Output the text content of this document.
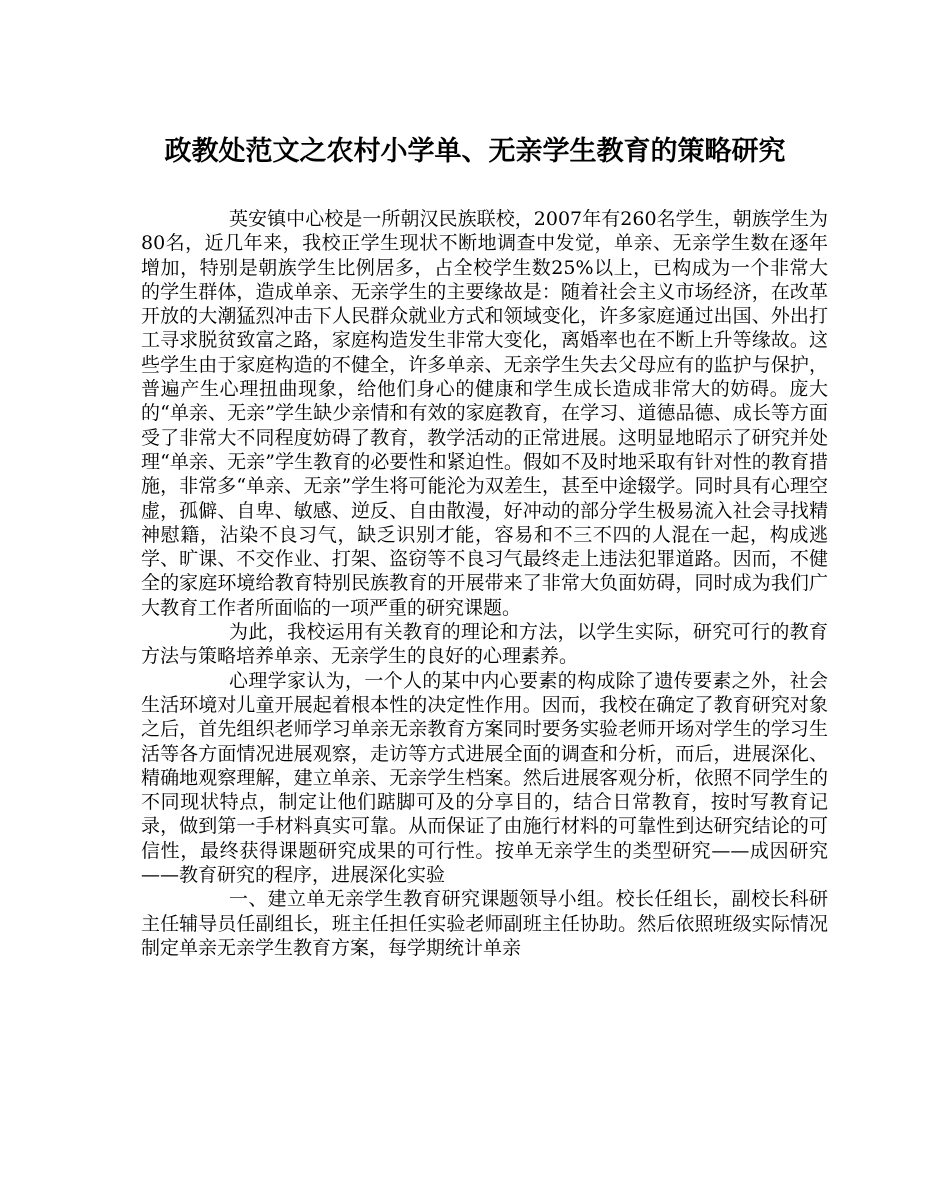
政教处范文之农村小学单、无亲学生教育的策略研究

英安镇中心校是一所朝汉民族联校，2007年有260名学生，朝族学生为80名，近几年来，我校正学生现状不断地调查中发觉，单亲、无亲学生数在逐年增加，特别是朝族学生比例居多，占全校学生数25%以上，已构成为一个非常大的学生群体，造成单亲、无亲学生的主要缘故是：随着社会主义市场经济，在改革开放的大潮猛烈冲击下人民群众就业方式和领域变化，许多家庭通过出国、外出打工寻求脱贫致富之路，家庭构造发生非常大变化，离婚率也在不断上升等缘故。这些学生由于家庭构造的不健全，许多单亲、无亲学生失去父母应有的监护与保护，普遍产生心理扭曲现象，给他们身心的健康和学生成长造成非常大的妨碍。庞大的“单亲、无亲”学生缺少亲情和有效的家庭教育，在学习、道德品德、成长等方面受了非常大不同程度妨碍了教育，教学活动的正常进展。这明显地昭示了研究并处理“单亲、无亲”学生教育的必要性和紧迫性。假如不及时地采取有针对性的教育措施，非常多“单亲、无亲”学生将可能沦为双差生，甚至中途辍学。同时具有心理空虚，孤僻、自卑、敏感、逆反、自由散漫，好冲动的部分学生极易流入社会寻找精神慰籍，沾染不良习气，缺乏识别才能，容易和不三不四的人混在一起，构成逃学、旷课、不交作业、打架、盗窃等不良习气最终走上违法犯罪道路。因而，不健全的家庭环境给教育特别民族教育的开展带来了非常大负面妨碍，同时成为我们广大教育工作者所面临的一项严重的研究课题。

为此，我校运用有关教育的理论和方法，以学生实际，研究可行的教育方法与策略培养单亲、无亲学生的良好的心理素养。

心理学家认为，一个人的某中内心要素的构成除了遗传要素之外，社会生活环境对儿童开展起着根本性的决定性作用。因而，我校在确定了教育研究对象之后，首先组织老师学习单亲无亲教育方案同时要务实验老师开场对学生的学习生活等各方面情况进展观察，走访等方式进展全面的调查和分析，而后，进展深化、精确地观察理解，建立单亲、无亲学生档案。然后进展客观分析，依照不同学生的不同现状特点，制定让他们踮脚可及的分享目的，结合日常教育，按时写教育记录，做到第一手材料真实可靠。从而保证了由施行材料的可靠性到达研究结论的可信性，最终获得课题研究成果的可行性。按单无亲学生的类型研究——成因研究——教育研究的程序，进展深化实验

一、建立单无亲学生教育研究课题领导小组。校长任组长，副校长科研主任辅导员任副组长，班主任担任实验老师副班主任协助。然后依照班级实际情况制定单亲无亲学生教育方案，每学期统计单亲
